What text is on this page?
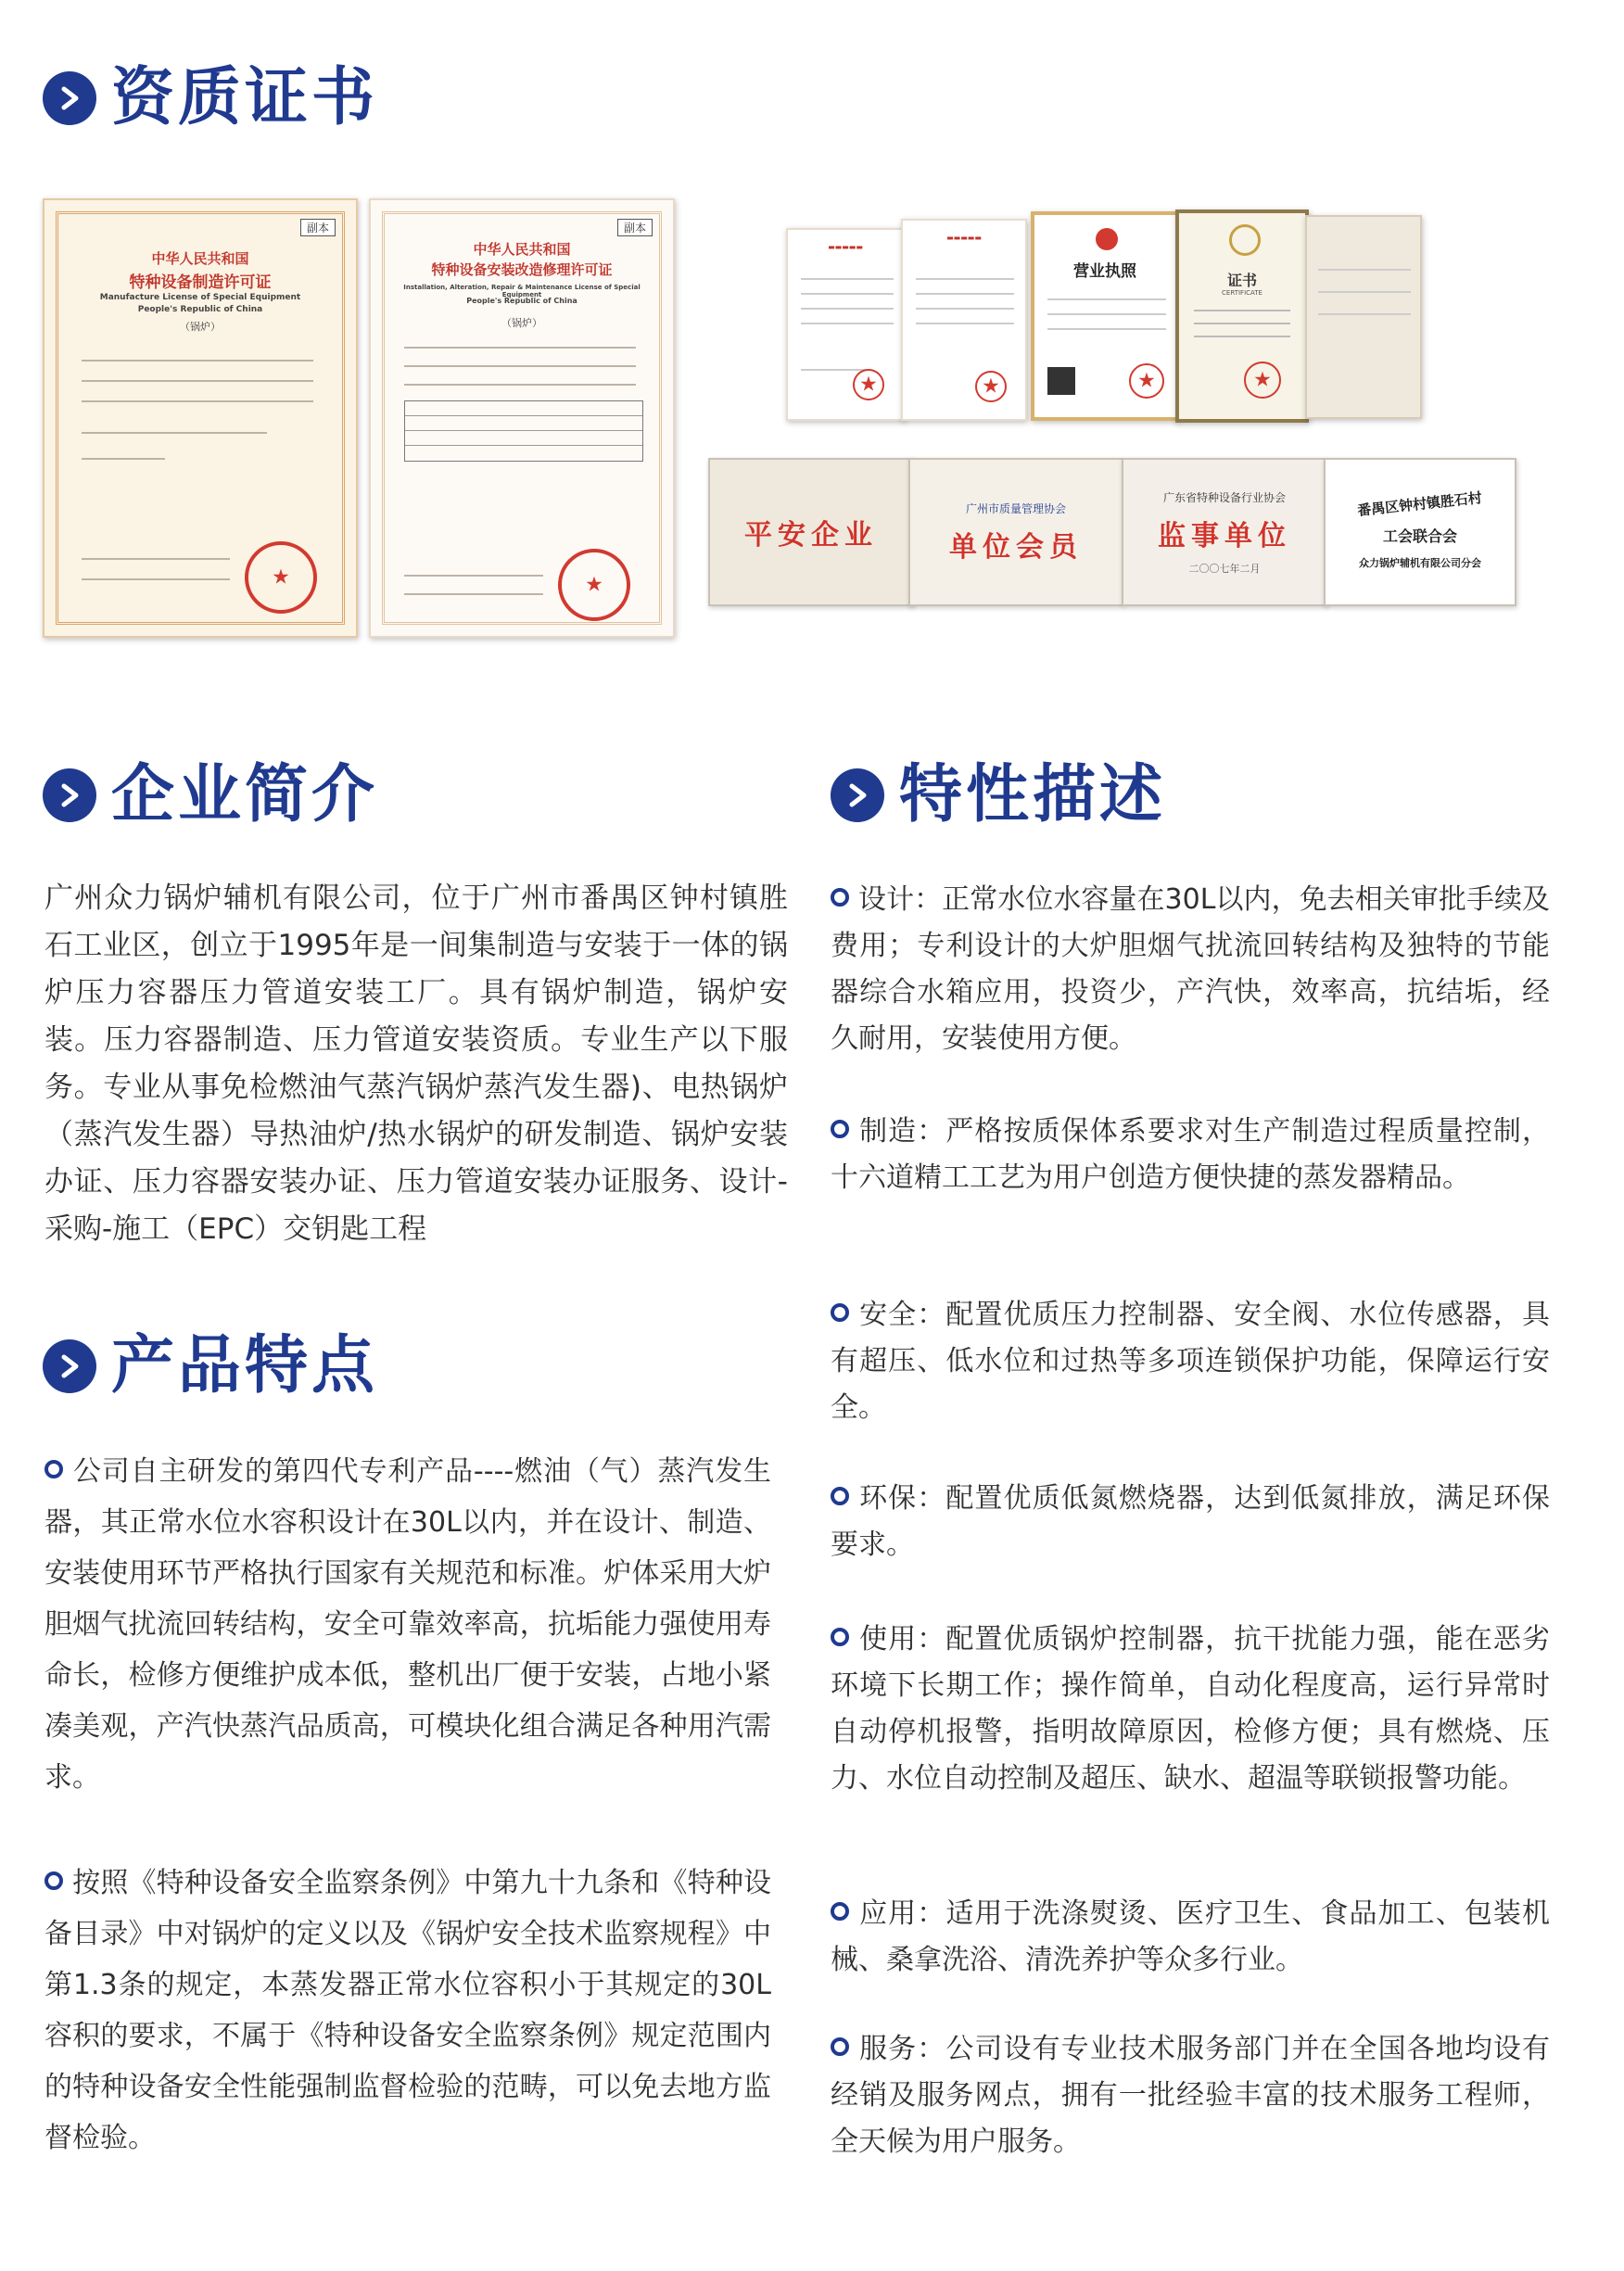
资质证书
副本
中华人民共和国
特种设备制造许可证
Manufacture License of Special Equipment
People's Republic of China
（锅炉）
★
副本
中华人民共和国
特种设备安装改造修理许可证
Installation, Alteration, Repair & Maintenance License of Special Equipment
People's Republic of China
（锅炉）
★
▬▬▬▬▬
★
▬▬▬▬▬
★
营业执照
★	证书
CERTIFICATE
★
平安企业
广州市质量管理协会
单位会员
广东省特种设备行业协会
监事单位
二〇〇七年二月
番禺区钟村镇胜石村
工会联合会
众力锅炉辅机有限公司分会
企业简介
广州众力锅炉辅机有限公司，位于广州市番禺区钟村镇胜石工业区，创立于1995年是一间集制造与安装于一体的锅炉压力容器压力管道安装工厂。具有锅炉制造，锅炉安装。压力容器制造、压力管道安装资质。专业生产以下服务。专业从事免检燃油气蒸汽锅炉蒸汽发生器)、电热锅炉（蒸汽发生器）导热油炉/热水锅炉的研发制造、锅炉安装办证、压力容器安装办证、压力管道安装办证服务、设计-采购-施工（EPC）交钥匙工程
产品特点
公司自主研发的第四代专利产品----燃油（气）蒸汽发生器，其正常水位水容积设计在30L以内，并在设计、制造、安装使用环节严格执行国家有关规范和标准。炉体采用大炉胆烟气扰流回转结构，安全可靠效率高，抗垢能力强使用寿命长，检修方便维护成本低，整机出厂便于安装，占地小紧凑美观，产汽快蒸汽品质高，可模块化组合满足各种用汽需求。
按照《特种设备安全监察条例》中第九十九条和《特种设备目录》中对锅炉的定义以及《锅炉安全技术监察规程》中第1.3条的规定，本蒸发器正常水位容积小于其规定的30L容积的要求，不属于《特种设备安全监察条例》规定范围内的特种设备安全性能强制监督检验的范畴，可以免去地方监督检验。
特性描述
设计：正常水位水容量在30L以内，免去相关审批手续及费用；专利设计的大炉胆烟气扰流回转结构及独特的节能器综合水箱应用，投资少，产汽快，效率高，抗结垢，经久耐用，安装使用方便。
制造：严格按质保体系要求对生产制造过程质量控制，十六道精工工艺为用户创造方便快捷的蒸发器精品。
安全：配置优质压力控制器、安全阀、水位传感器，具有超压、低水位和过热等多项连锁保护功能，保障运行安全。
环保：配置优质低氮燃烧器，达到低氮排放，满足环保要求。
使用：配置优质锅炉控制器，抗干扰能力强，能在恶劣环境下长期工作；操作简单，自动化程度高，运行异常时自动停机报警，指明故障原因，检修方便；具有燃烧、压力、水位自动控制及超压、缺水、超温等联锁报警功能。
应用：适用于洗涤熨烫、医疗卫生、食品加工、包装机械、桑拿洗浴、清洗养护等众多行业。
服务：公司设有专业技术服务部门并在全国各地均设有经销及服务网点，拥有一批经验丰富的技术服务工程师，全天候为用户服务。
